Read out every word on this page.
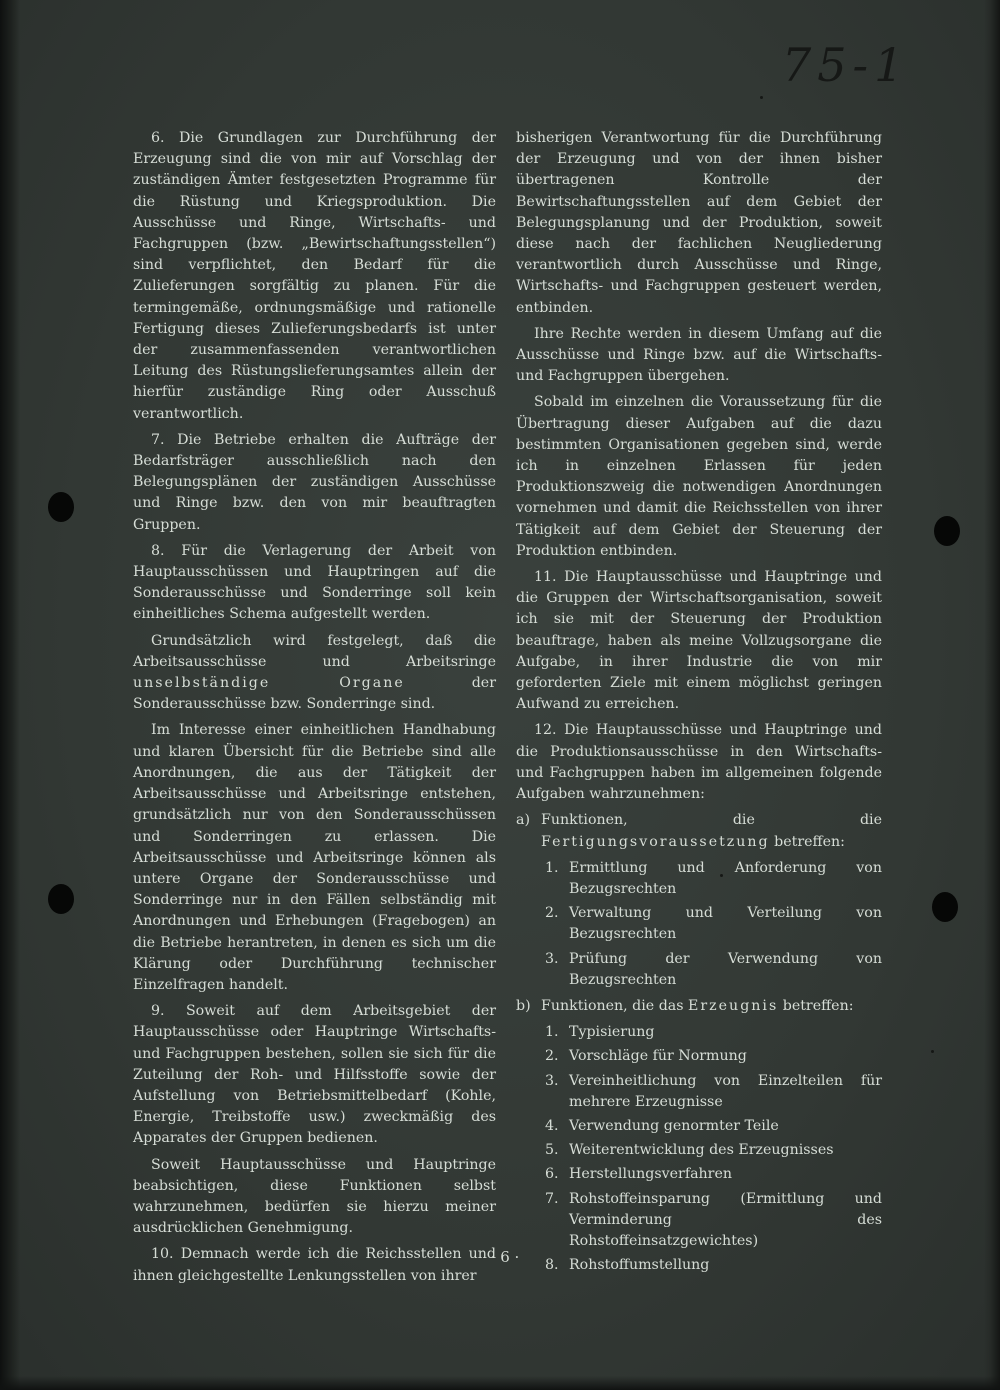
75-1

6. Die Grundlagen zur Durchführung der Erzeugung sind die von mir auf Vorschlag der zuständigen Ämter festgesetzten Programme für die Rüstung und Kriegsproduktion. Die Ausschüsse und Ringe, Wirtschafts- und Fachgruppen (bzw. „Bewirtschaftungsstellen“) sind verpflichtet, den Bedarf für die Zulieferungen sorgfältig zu planen. Für die termingemäße, ordnungsmäßige und rationelle Fertigung dieses Zulieferungsbedarfs ist unter der zusammenfassenden verantwortlichen Leitung des Rüstungslieferungsamtes allein der hierfür zuständige Ring oder Ausschuß verantwortlich.

7. Die Betriebe erhalten die Aufträge der Bedarfsträger ausschließlich nach den Belegungsplänen der zuständigen Ausschüsse und Ringe bzw. den von mir beauftragten Gruppen.

8. Für die Verlagerung der Arbeit von Hauptausschüssen und Hauptringen auf die Sonderausschüsse und Sonderringe soll kein einheitliches Schema aufgestellt werden.

Grundsätzlich wird festgelegt, daß die Arbeitsausschüsse und Arbeitsringe unselbständige Organe der Sonderausschüsse bzw. Sonderringe sind.

Im Interesse einer einheitlichen Handhabung und klaren Übersicht für die Betriebe sind alle Anordnungen, die aus der Tätigkeit der Arbeitsausschüsse und Arbeitsringe entstehen, grundsätzlich nur von den Sonderausschüssen und Sonderringen zu erlassen. Die Arbeitsausschüsse und Arbeitsringe können als untere Organe der Sonderausschüsse und Sonderringe nur in den Fällen selbständig mit Anordnungen und Erhebungen (Fragebogen) an die Betriebe herantreten, in denen es sich um die Klärung oder Durchführung technischer Einzelfragen handelt.

9. Soweit auf dem Arbeitsgebiet der Hauptausschüsse oder Hauptringe Wirtschafts- und Fachgruppen bestehen, sollen sie sich für die Zuteilung der Roh- und Hilfsstoffe sowie der Aufstellung von Betriebsmittelbedarf (Kohle, Energie, Treibstoffe usw.) zweckmäßig des Apparates der Gruppen bedienen.

Soweit Hauptausschüsse und Hauptringe beabsichtigen, diese Funktionen selbst wahrzunehmen, bedürfen sie hierzu meiner ausdrücklichen Genehmigung.

10. Demnach werde ich die Reichsstellen und ihnen gleichgestellte Lenkungsstellen von ihrer

bisherigen Verantwortung für die Durchführung der Erzeugung und von der ihnen bisher übertragenen Kontrolle der Bewirtschaftungsstellen auf dem Gebiet der Belegungsplanung und der Produktion, soweit diese nach der fachlichen Neugliederung verantwortlich durch Ausschüsse und Ringe, Wirtschafts- und Fachgruppen gesteuert werden, entbinden.

Ihre Rechte werden in diesem Umfang auf die Ausschüsse und Ringe bzw. auf die Wirtschafts- und Fachgruppen übergehen.

Sobald im einzelnen die Voraussetzung für die Übertragung dieser Aufgaben auf die dazu bestimmten Organisationen gegeben sind, werde ich in einzelnen Erlassen für jeden Produktionszweig die notwendigen Anordnungen vornehmen und damit die Reichsstellen von ihrer Tätigkeit auf dem Gebiet der Steuerung der Produktion entbinden.

11. Die Hauptausschüsse und Hauptringe und die Gruppen der Wirtschaftsorganisation, soweit ich sie mit der Steuerung der Produktion beauftrage, haben als meine Vollzugsorgane die Aufgabe, in ihrer Industrie die von mir geforderten Ziele mit einem möglichst geringen Aufwand zu erreichen.

12. Die Hauptausschüsse und Hauptringe und die Produktionsausschüsse in den Wirtschafts- und Fachgruppen haben im allgemeinen folgende Aufgaben wahrzunehmen:

a) Funktionen, die die Fertigungsvoraussetzung betreffen:
1. Ermittlung und Anforderung von Bezugsrechten
2. Verwaltung und Verteilung von Bezugsrechten
3. Prüfung der Verwendung von Bezugsrechten
b) Funktionen, die das Erzeugnis betreffen:
1. Typisierung
2. Vorschläge für Normung
3. Vereinheitlichung von Einzelteilen für mehrere Erzeugnisse
4. Verwendung genormter Teile
5. Weiterentwicklung des Erzeugnisses
6. Herstellungsverfahren
7. Rohstoffeinsparung (Ermittlung und Verminderung des Rohstoffeinsatzgewichtes)
8. Rohstoffumstellung
· 6 ·
